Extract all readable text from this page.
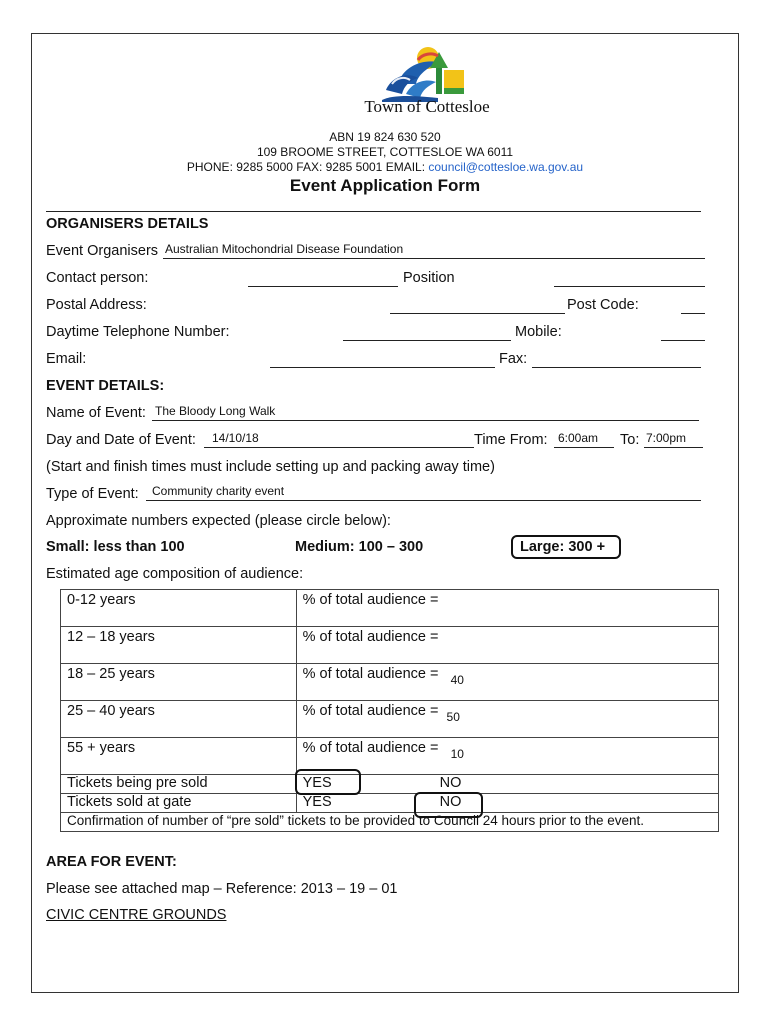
Town of Cottesloe
ABN 19 824 630 520
109 BROOME STREET, COTTESLOE WA 6011
PHONE: 9285 5000 FAX: 9285 5001 EMAIL: council@cottesloe.wa.gov.au
Event Application Form
ORGANISERS DETAILS
Event Organisers Australian Mitochondrial Disease Foundation
Contact person:	Position
Postal Address:	Post Code:
Daytime Telephone Number:	Mobile:
Email:	Fax:
EVENT DETAILS:
Name of Event: The Bloody Long Walk
Day and Date of Event: 14/10/18	Time From: 6:00am To: 7:00pm
(Start and finish times must include setting up and packing away time)
Type of Event: Community charity event
Approximate numbers expected (please circle below):
Small: less than 100	Medium: 100 – 300	Large: 300 +
Estimated age composition of audience:
0-12 years	% of total audience =
12 – 18 years	% of total audience =
18 – 25 years	% of total audience = $_{40}$
25 – 40 years	% of total audience = $_{50}$
55 + years	% of total audience = $_{10}$
Tickets being pre sold	YES NO
Tickets sold at gate	YES NO
Confirmation of number of “pre sold” tickets to be provided to Council 24 hours prior to the event.	
AREA FOR EVENT:
Please see attached map – Reference: 2013 – 19 – 01
CIVIC CENTRE GROUNDS
